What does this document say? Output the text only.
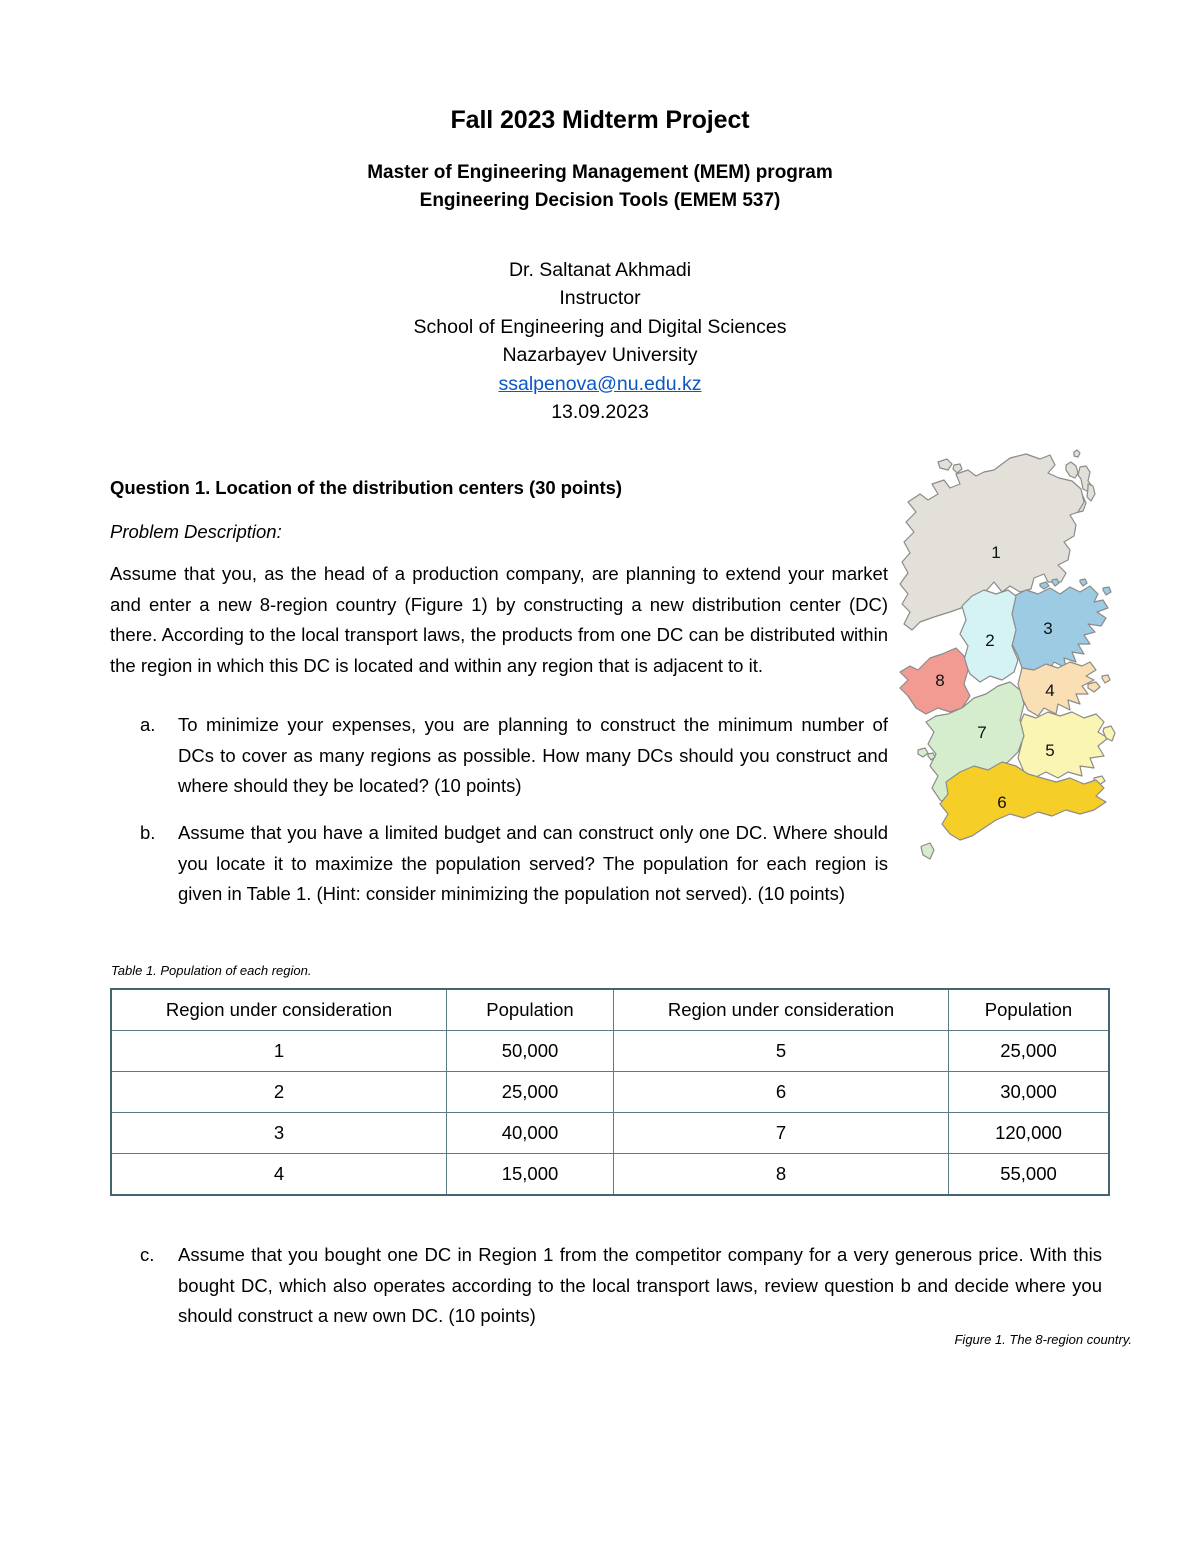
Fall 2023 Midterm Project
Master of Engineering Management (MEM) program
Engineering Decision Tools (EMEM 537)
Dr. Saltanat Akhmadi
Instructor
School of Engineering and Digital Sciences
Nazarbayev University
ssalpenova@nu.edu.kz
13.09.2023
Question 1. Location of the distribution centers (30 points)
Problem Description:
Assume that you, as the head of a production company, are planning to extend your market and enter a new 8-region country (Figure 1) by constructing a new distribution center (DC) there. According to the local transport laws, the products from one DC can be distributed within the region in which this DC is located and within any region that is adjacent to it.
a.	To minimize your expenses, you are planning to construct the minimum number of DCs to cover as many regions as possible. How many DCs should you construct and where should they be located? (10 points)
b.	Assume that you have a limited budget and can construct only one DC. Where should you locate it to maximize the population served? The population for each region is given in Table 1. (Hint: consider minimizing the population not served). (10 points)
c.	Assume that you bought one DC in Region 1 from the competitor company for a very generous price. With this bought DC, which also operates according to the local transport laws, review question b and decide where you should construct a new own DC. (10 points)
1
2
3
4
5
6
7
8
Figure 1. The 8-region country.
Table 1. Population of each region.
Region under consideration	Population	Region under consideration	Population
1	50,000	5	25,000
2	25,000	6	30,000
3	40,000	7	120,000
4	15,000	8	55,000
